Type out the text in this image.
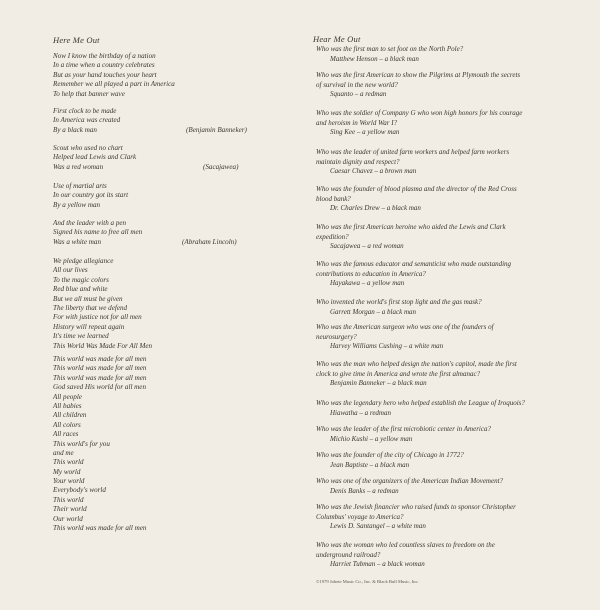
Here Me Out
Now I know the birthday of a nation
In a time when a country celebrates
But as your hand touches your heart
Remember we all played a part in America
To help that banner wave
First clock to be made
In America was created
By a black man	(Benjamin Banneker)
Scout who used no chart
Helped lead Lewis and Clark
Was a red woman	(Sacajawea)
Use of martial arts
In our country got its start
By a yellow man
And the leader with a pen
Signed his name to free all men
Was a white man	(Abraham Lincoln)
We pledge allegiance
All our lives
To the magic colors
Red blue and white
But we all must be given
The liberty that we defend
For with justice not for all men
History will repeat again
It's time we learned
This World Was Made For All Men
This world was made for all men
This world was made for all men
This world was made for all men
God saved His world for all men
All people
All babies
All children
All colors
All races
This world's for you
and me
This world
My world
Your world
Everybody's world
This world
Their world
Our world
This world was made for all men
Hear Me Out
Who was the first man to set foot on the North Pole?
Matthew Henson – a black man
Who was the first American to show the Pilgrims at Plymouth the secrets
of survival in the new world?
Squanto – a redman
Who was the soldier of Company G who won high honors for his courage
and heroism in World War I?
Sing Kee – a yellow man
Who was the leader of united farm workers and helped farm workers
maintain dignity and respect?
Caesar Chavez – a brown man
Who was the founder of blood plasma and the director of the Red Cross
blood bank?
Dr. Charles Drew – a black man
Who was the first American heroine who aided the Lewis and Clark
expedition?
Sacajawea – a red woman
Who was the famous educator and semanticist who made outstanding
contributions to education in America?
Hayakawa – a yellow man
Who invented the world's first stop light and the gas mask?
Garrett Morgan – a black man
Who was the American surgeon who was one of the founders of
neurosurgery?
Harvey Williams Cushing – a white man
Who was the man who helped design the nation's capitol, made the first
clock to give time in America and wrote the first almanac?
Benjamin Banneker – a black man
Who was the legendary hero who helped establish the League of Iroquois?
Hiawatha – a redman
Who was the leader of the first microbiotic center in America?
Michio Kushi – a yellow man
Who was the founder of the city of Chicago in 1772?
Jean Baptiste – a black man
Who was one of the organizers of the American Indian Movement?
Denis Banks – a redman
Who was the Jewish financier who raised funds to sponsor Christopher
Columbus' voyage to America?
Lewis D. Santangel – a white man
Who was the woman who led countless slaves to freedom on the
underground railroad?
Harriet Tubman – a black woman
©1979 Jobete Music Co., Inc. & Black Bull Music, Inc.
